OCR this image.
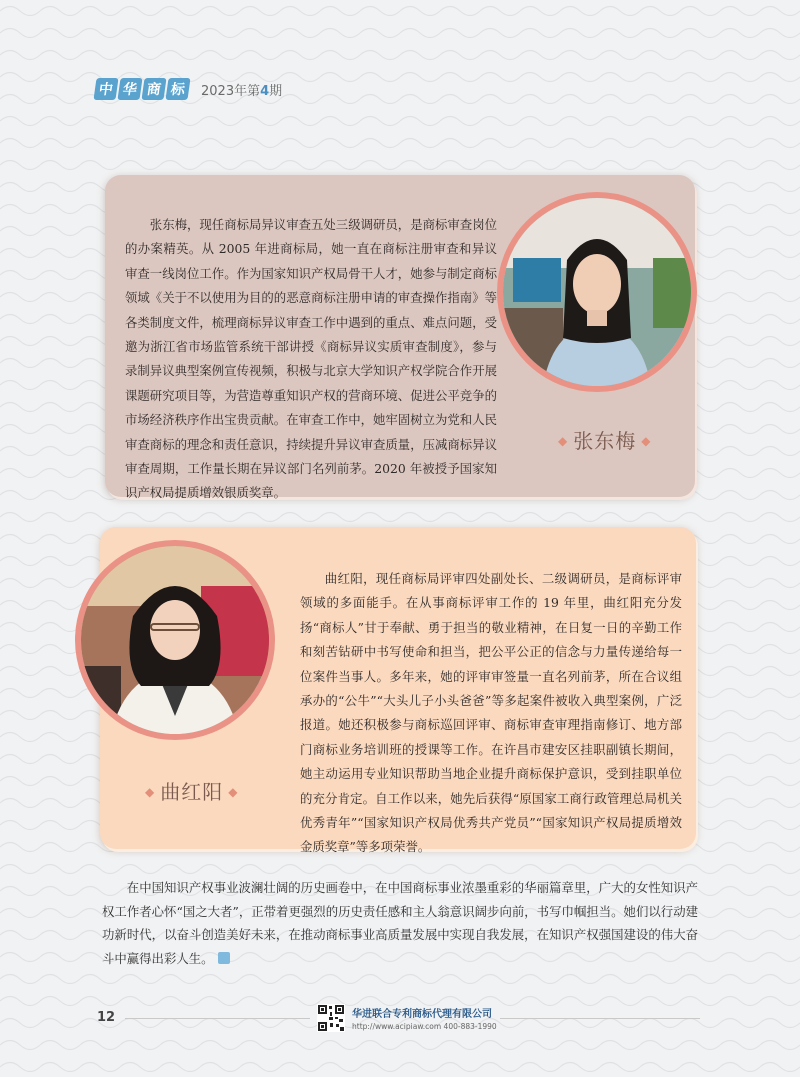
中 华 商 标	2023年第4期

张东梅，现任商标局异议审查五处三级调研员，是商标审查岗位的办案精英。从 2005 年进商标局，她一直在商标注册审查和异议审查一线岗位工作。作为国家知识产权局骨干人才，她参与制定商标领域《关于不以使用为目的的恶意商标注册申请的审查操作指南》等各类制度文件，梳理商标异议审查工作中遇到的重点、难点问题，受邀为浙江省市场监管系统干部讲授《商标异议实质审查制度》，参与录制异议典型案例宣传视频，积极与北京大学知识产权学院合作开展课题研究项目等，为营造尊重知识产权的营商环境、促进公平竞争的市场经济秩序作出宝贵贡献。在审查工作中，她牢固树立为党和人民审查商标的理念和责任意识，持续提升异议审查质量，压减商标异议审查周期，工作量长期在异议部门名列前茅。2020 年被授予国家知识产权局提质增效银质奖章。

◆ 张东梅 ◆

曲红阳，现任商标局评审四处副处长、二级调研员，是商标评审领域的多面能手。在从事商标评审工作的 19 年里，曲红阳充分发扬“商标人”甘于奉献、勇于担当的敬业精神，在日复一日的辛勤工作和刻苦钻研中书写使命和担当，把公平公正的信念与力量传递给每一位案件当事人。多年来，她的评审审签量一直名列前茅，所在合议组承办的“公牛”“大头儿子小头爸爸”等多起案件被收入典型案例，广泛报道。她还积极参与商标巡回评审、商标审查审理指南修订、地方部门商标业务培训班的授课等工作。在许昌市建安区挂职副镇长期间，她主动运用专业知识帮助当地企业提升商标保护意识，受到挂职单位的充分肯定。自工作以来，她先后获得“原国家工商行政管理总局机关优秀青年”“国家知识产权局优秀共产党员”“国家知识产权局提质增效金质奖章”等多项荣誉。

◆ 曲红阳 ◆

在中国知识产权事业波澜壮阔的历史画卷中，在中国商标事业浓墨重彩的华丽篇章里，广大的女性知识产权工作者心怀“国之大者”，正带着更强烈的历史责任感和主人翁意识阔步向前，书写巾帼担当。她们以行动建功新时代，以奋斗创造美好未来，在推动商标事业高质量发展中实现自我发展，在知识产权强国建设的伟大奋斗中赢得出彩人生。

12	华进联合专利商标代理有限公司
http://www.acipiaw.com 400-883-1990
